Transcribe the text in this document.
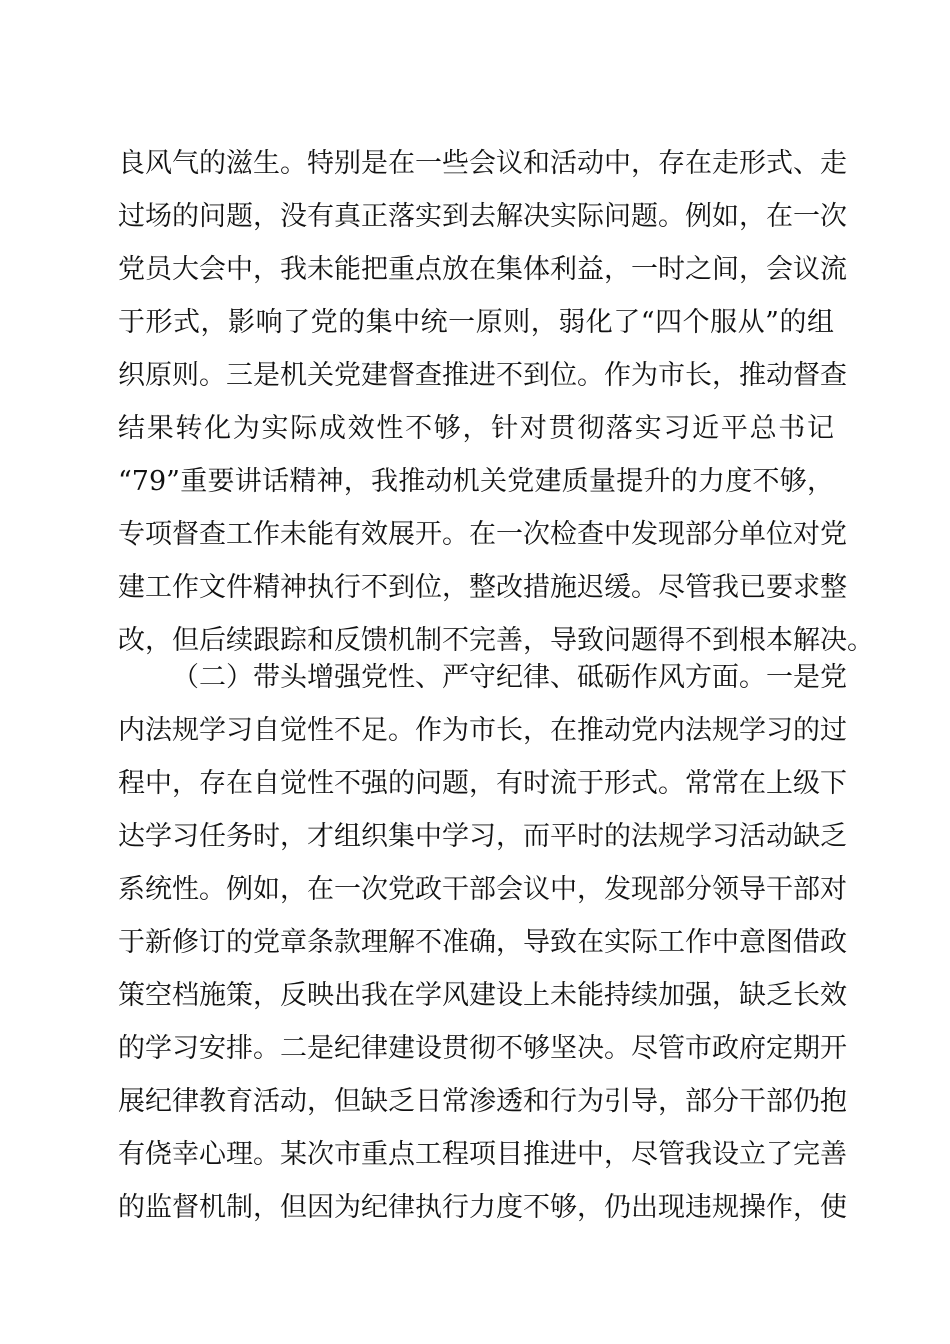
良风气的滋生。特别是在一些会议和活动中，存在走形式、走
过场的问题，没有真正落实到去解决实际问题。例如，在一次
党员大会中，我未能把重点放在集体利益，一时之间，会议流
于形式，影响了党的集中统一原则，弱化了“四个服从”的组
织原则。三是机关党建督查推进不到位。作为市长，推动督查
结果转化为实际成效性不够，针对贯彻落实习近平总书记
“79”重要讲话精神，我推动机关党建质量提升的力度不够，
专项督查工作未能有效展开。在一次检查中发现部分单位对党
建工作文件精神执行不到位，整改措施迟缓。尽管我已要求整
改，但后续跟踪和反馈机制不完善，导致问题得不到根本解决。
（二）带头增强党性、严守纪律、砥砺作风方面。一是党
内法规学习自觉性不足。作为市长，在推动党内法规学习的过
程中，存在自觉性不强的问题，有时流于形式。常常在上级下
达学习任务时，才组织集中学习，而平时的法规学习活动缺乏
系统性。例如，在一次党政干部会议中，发现部分领导干部对
于新修订的党章条款理解不准确，导致在实际工作中意图借政
策空档施策，反映出我在学风建设上未能持续加强，缺乏长效
的学习安排。二是纪律建设贯彻不够坚决。尽管市政府定期开
展纪律教育活动，但缺乏日常渗透和行为引导，部分干部仍抱
有侥幸心理。某次市重点工程项目推进中，尽管我设立了完善
的监督机制，但因为纪律执行力度不够，仍出现违规操作，使
